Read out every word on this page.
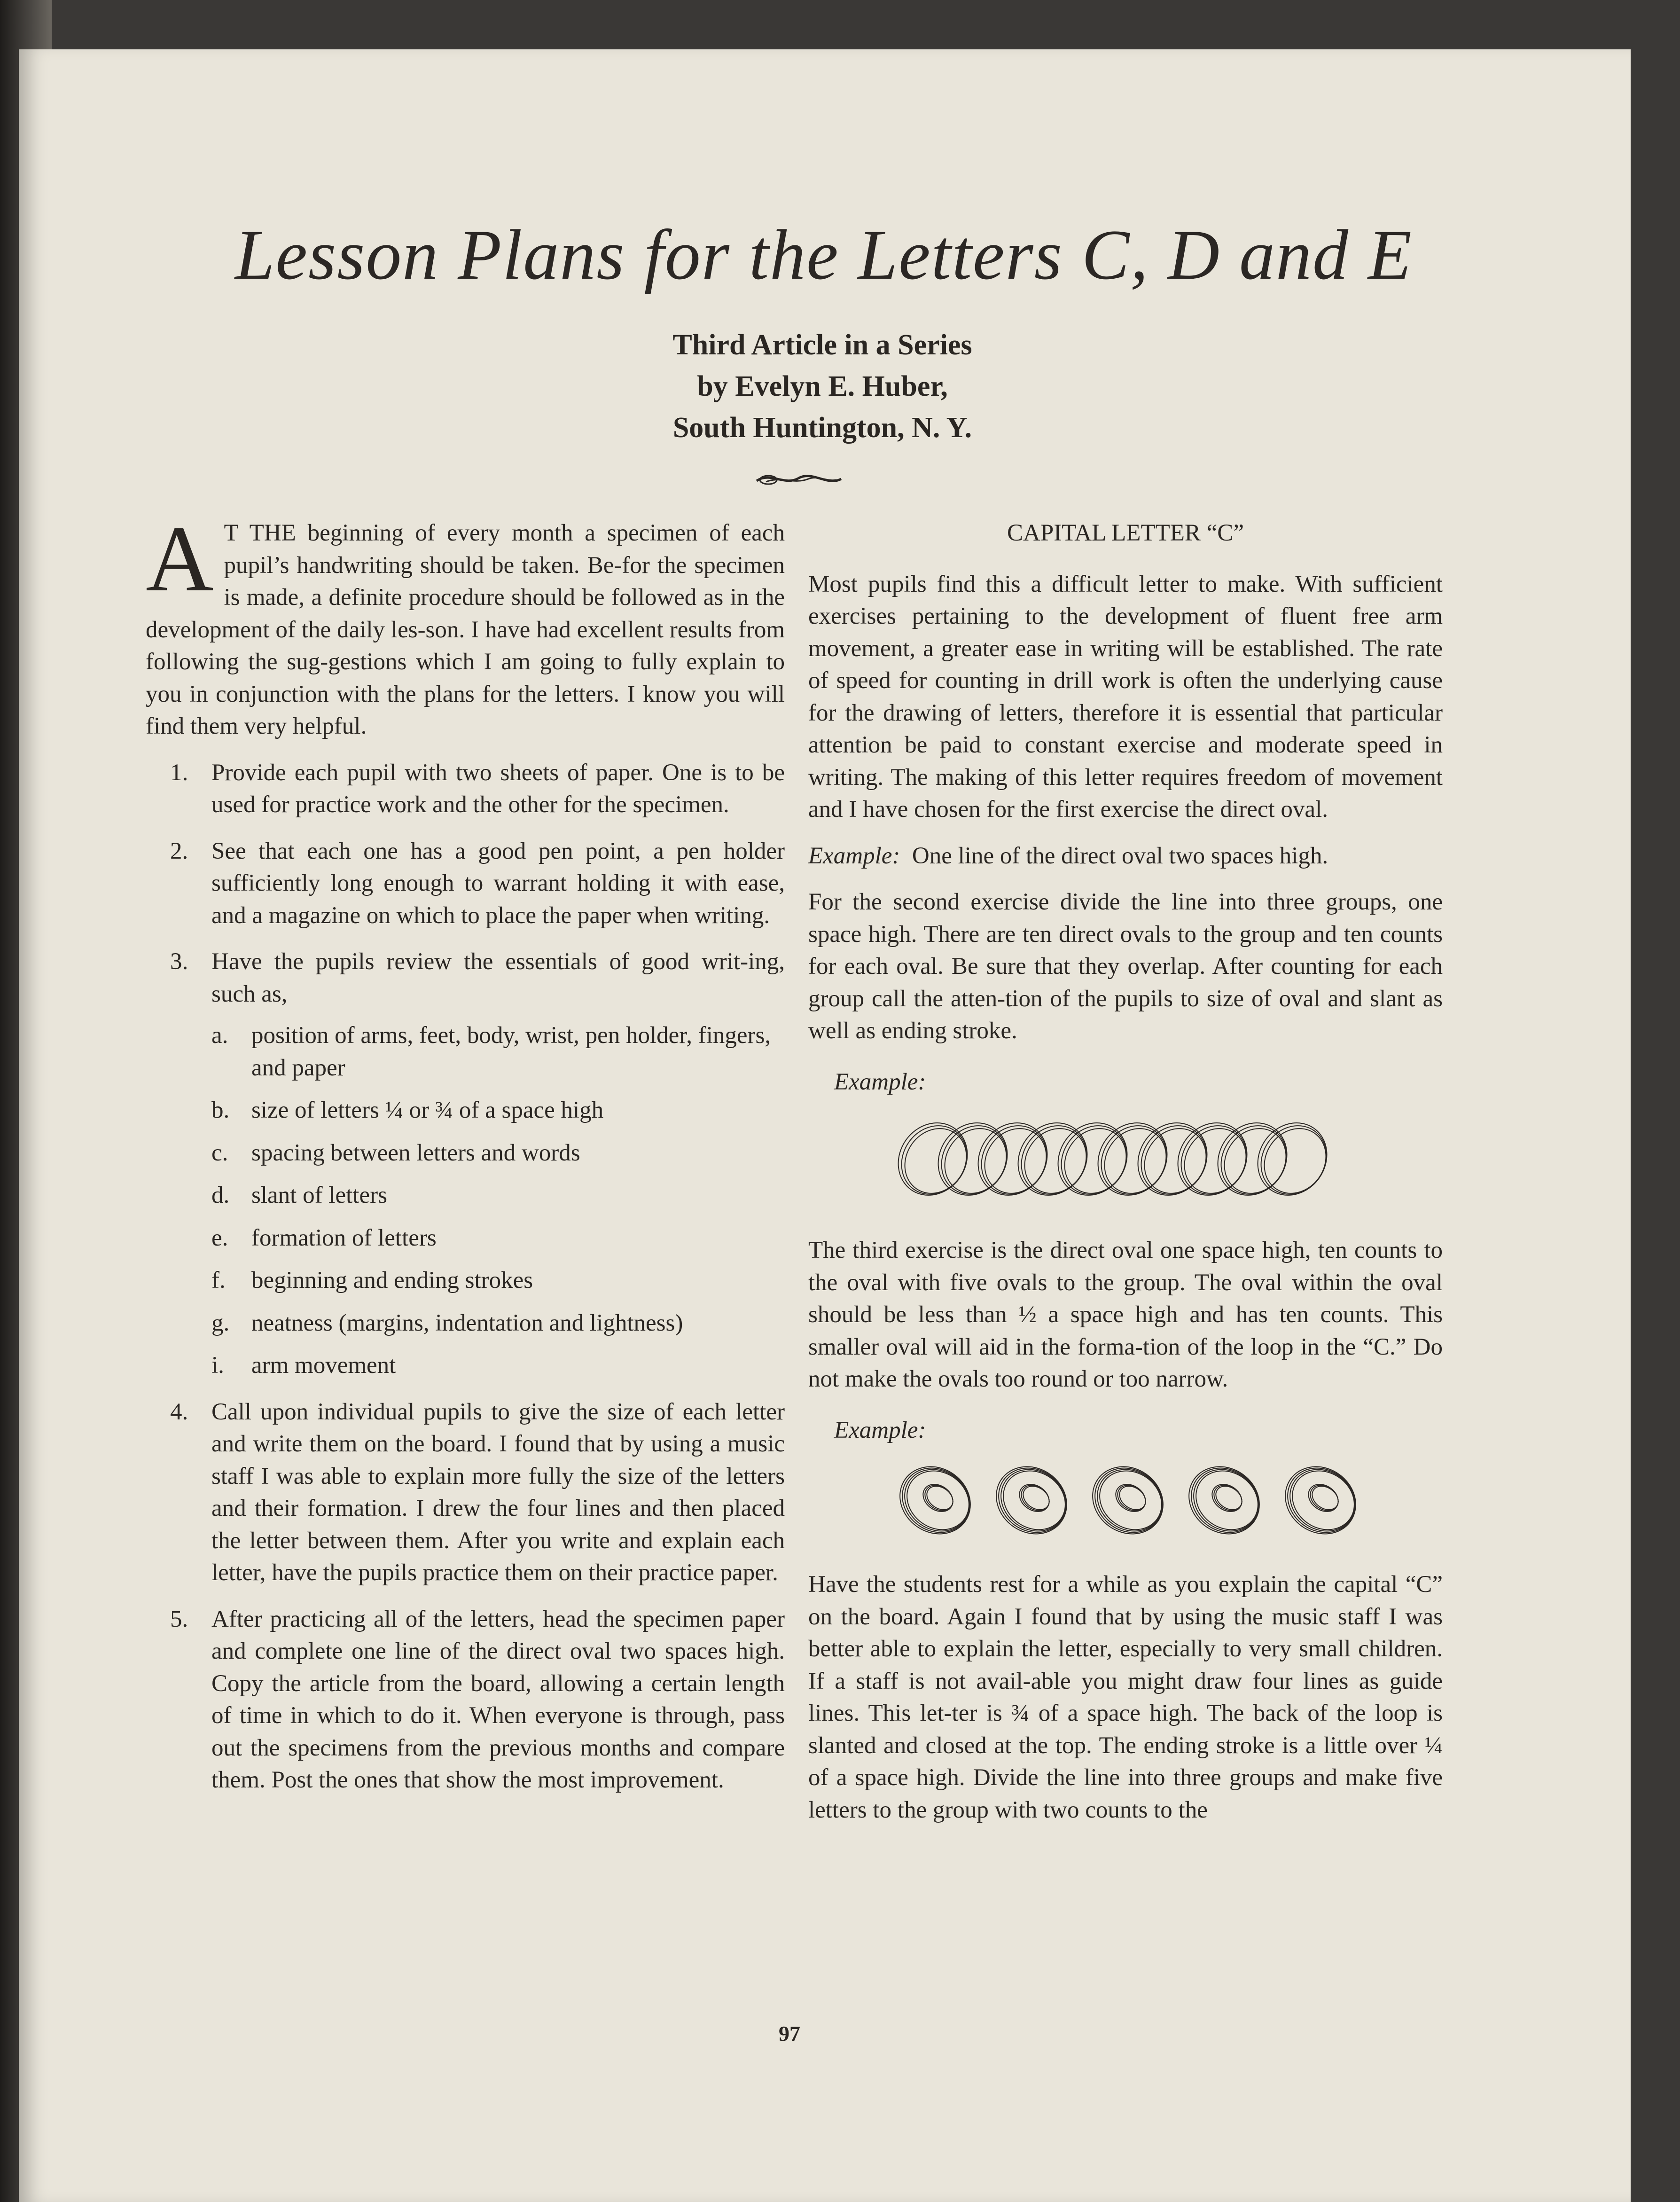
Lesson Plans for the Letters C, D and E
Third Article in a Series
by Evelyn E. Huber,
South Huntington, N. Y.

A T THE beginning of every month a specimen of each pupil’s handwriting should be taken. Be-for the specimen is made, a definite procedure should be followed as in the development of the daily les-son. I have had excellent results from following the sug-gestions which I am going to fully explain to you in conjunction with the plans for the letters. I know you will find them very helpful.

1. Provide each pupil with two sheets of paper. One is to be used for practice work and the other for the specimen.
2. See that each one has a good pen point, a pen holder sufficiently long enough to warrant holding it with ease, and a magazine on which to place the paper when writing.
3. Have the pupils review the essentials of good writ-ing, such as,
a. position of arms, feet, body, wrist, pen holder, fingers, and paper
b. size of letters ¼ or ¾ of a space high
c. spacing between letters and words
d. slant of letters
e. formation of letters
f. beginning and ending strokes
g. neatness (margins, indentation and lightness)
i. arm movement
4. Call upon individual pupils to give the size of each letter and write them on the board. I found that by using a music staff I was able to explain more fully the size of the letters and their formation. I drew the four lines and then placed the letter between them. After you write and explain each letter, have the pupils practice them on their practice paper.
5. After practicing all of the letters, head the specimen paper and complete one line of the direct oval two spaces high. Copy the article from the board, allowing a certain length of time in which to do it. When everyone is through, pass out the specimens from the previous months and compare them. Post the ones that show the most improvement.
CAPITAL LETTER “C”

Most pupils find this a difficult letter to make. With sufficient exercises pertaining to the development of fluent free arm movement, a greater ease in writing will be established. The rate of speed for counting in drill work is often the underlying cause for the drawing of letters, therefore it is essential that particular attention be paid to constant exercise and moderate speed in writing. The making of this letter requires freedom of movement and I have chosen for the first exercise the direct oval.

Example: One line of the direct oval two spaces high.

For the second exercise divide the line into three groups, one space high. There are ten direct ovals to the group and ten counts for each oval. Be sure that they overlap. After counting for each group call the atten-tion of the pupils to size of oval and slant as well as ending stroke.

Example:

The third exercise is the direct oval one space high, ten counts to the oval with five ovals to the group. The oval within the oval should be less than ½ a space high and has ten counts. This smaller oval will aid in the forma-tion of the loop in the “C.” Do not make the ovals too round or too narrow.

Example:

Have the students rest for a while as you explain the capital “C” on the board. Again I found that by using the music staff I was better able to explain the letter, especially to very small children. If a staff is not avail-able you might draw four lines as guide lines. This let-ter is ¾ of a space high. The back of the loop is slanted and closed at the top. The ending stroke is a little over ¼ of a space high. Divide the line into three groups and make five letters to the group with two counts to the

97
